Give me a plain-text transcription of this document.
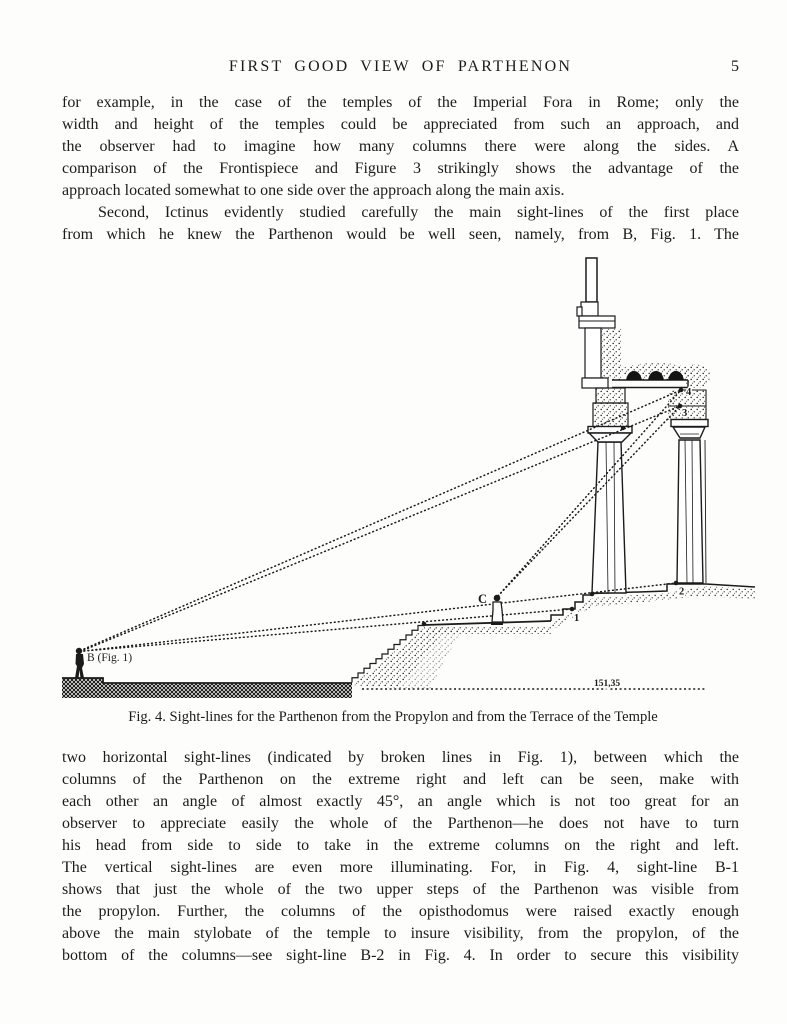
FIRST GOOD VIEW OF PARTHENON	5
for example, in the case of the temples of the Imperial Fora in Rome; only the
width and height of the temples could be appreciated from such an approach, and
the observer had to imagine how many columns there were along the sides. A
comparison of the Frontispiece and Figure 3 strikingly shows the advantage of the
approach located somewhat to one side over the approach along the main axis.
Second, Ictinus evidently studied carefully the main sight-lines of the first place
from which he knew the Parthenon would be well seen, namely, from B, Fig. 1. The
two horizontal sight-lines (indicated by broken lines in Fig. 1), between which the
columns of the Parthenon on the extreme right and left can be seen, make with
each other an angle of almost exactly 45°, an angle which is not too great for an
observer to appreciate easily the whole of the Parthenon—he does not have to turn
his head from side to side to take in the extreme columns on the right and left.
The vertical sight-lines are even more illuminating. For, in Fig. 4, sight-line B-1
shows that just the whole of the two upper steps of the Parthenon was visible from
the propylon. Further, the columns of the opisthodomus were raised exactly enough
above the main stylobate of the temple to insure visibility, from the propylon, of the
bottom of the columns—see sight-line B-2 in Fig. 4. In order to secure this visibility
Fig. 4. Sight-lines for the Parthenon from the Propylon and from the Terrace of the Temple
B (Fig. 1)
C
1
2
3
4
151,35
